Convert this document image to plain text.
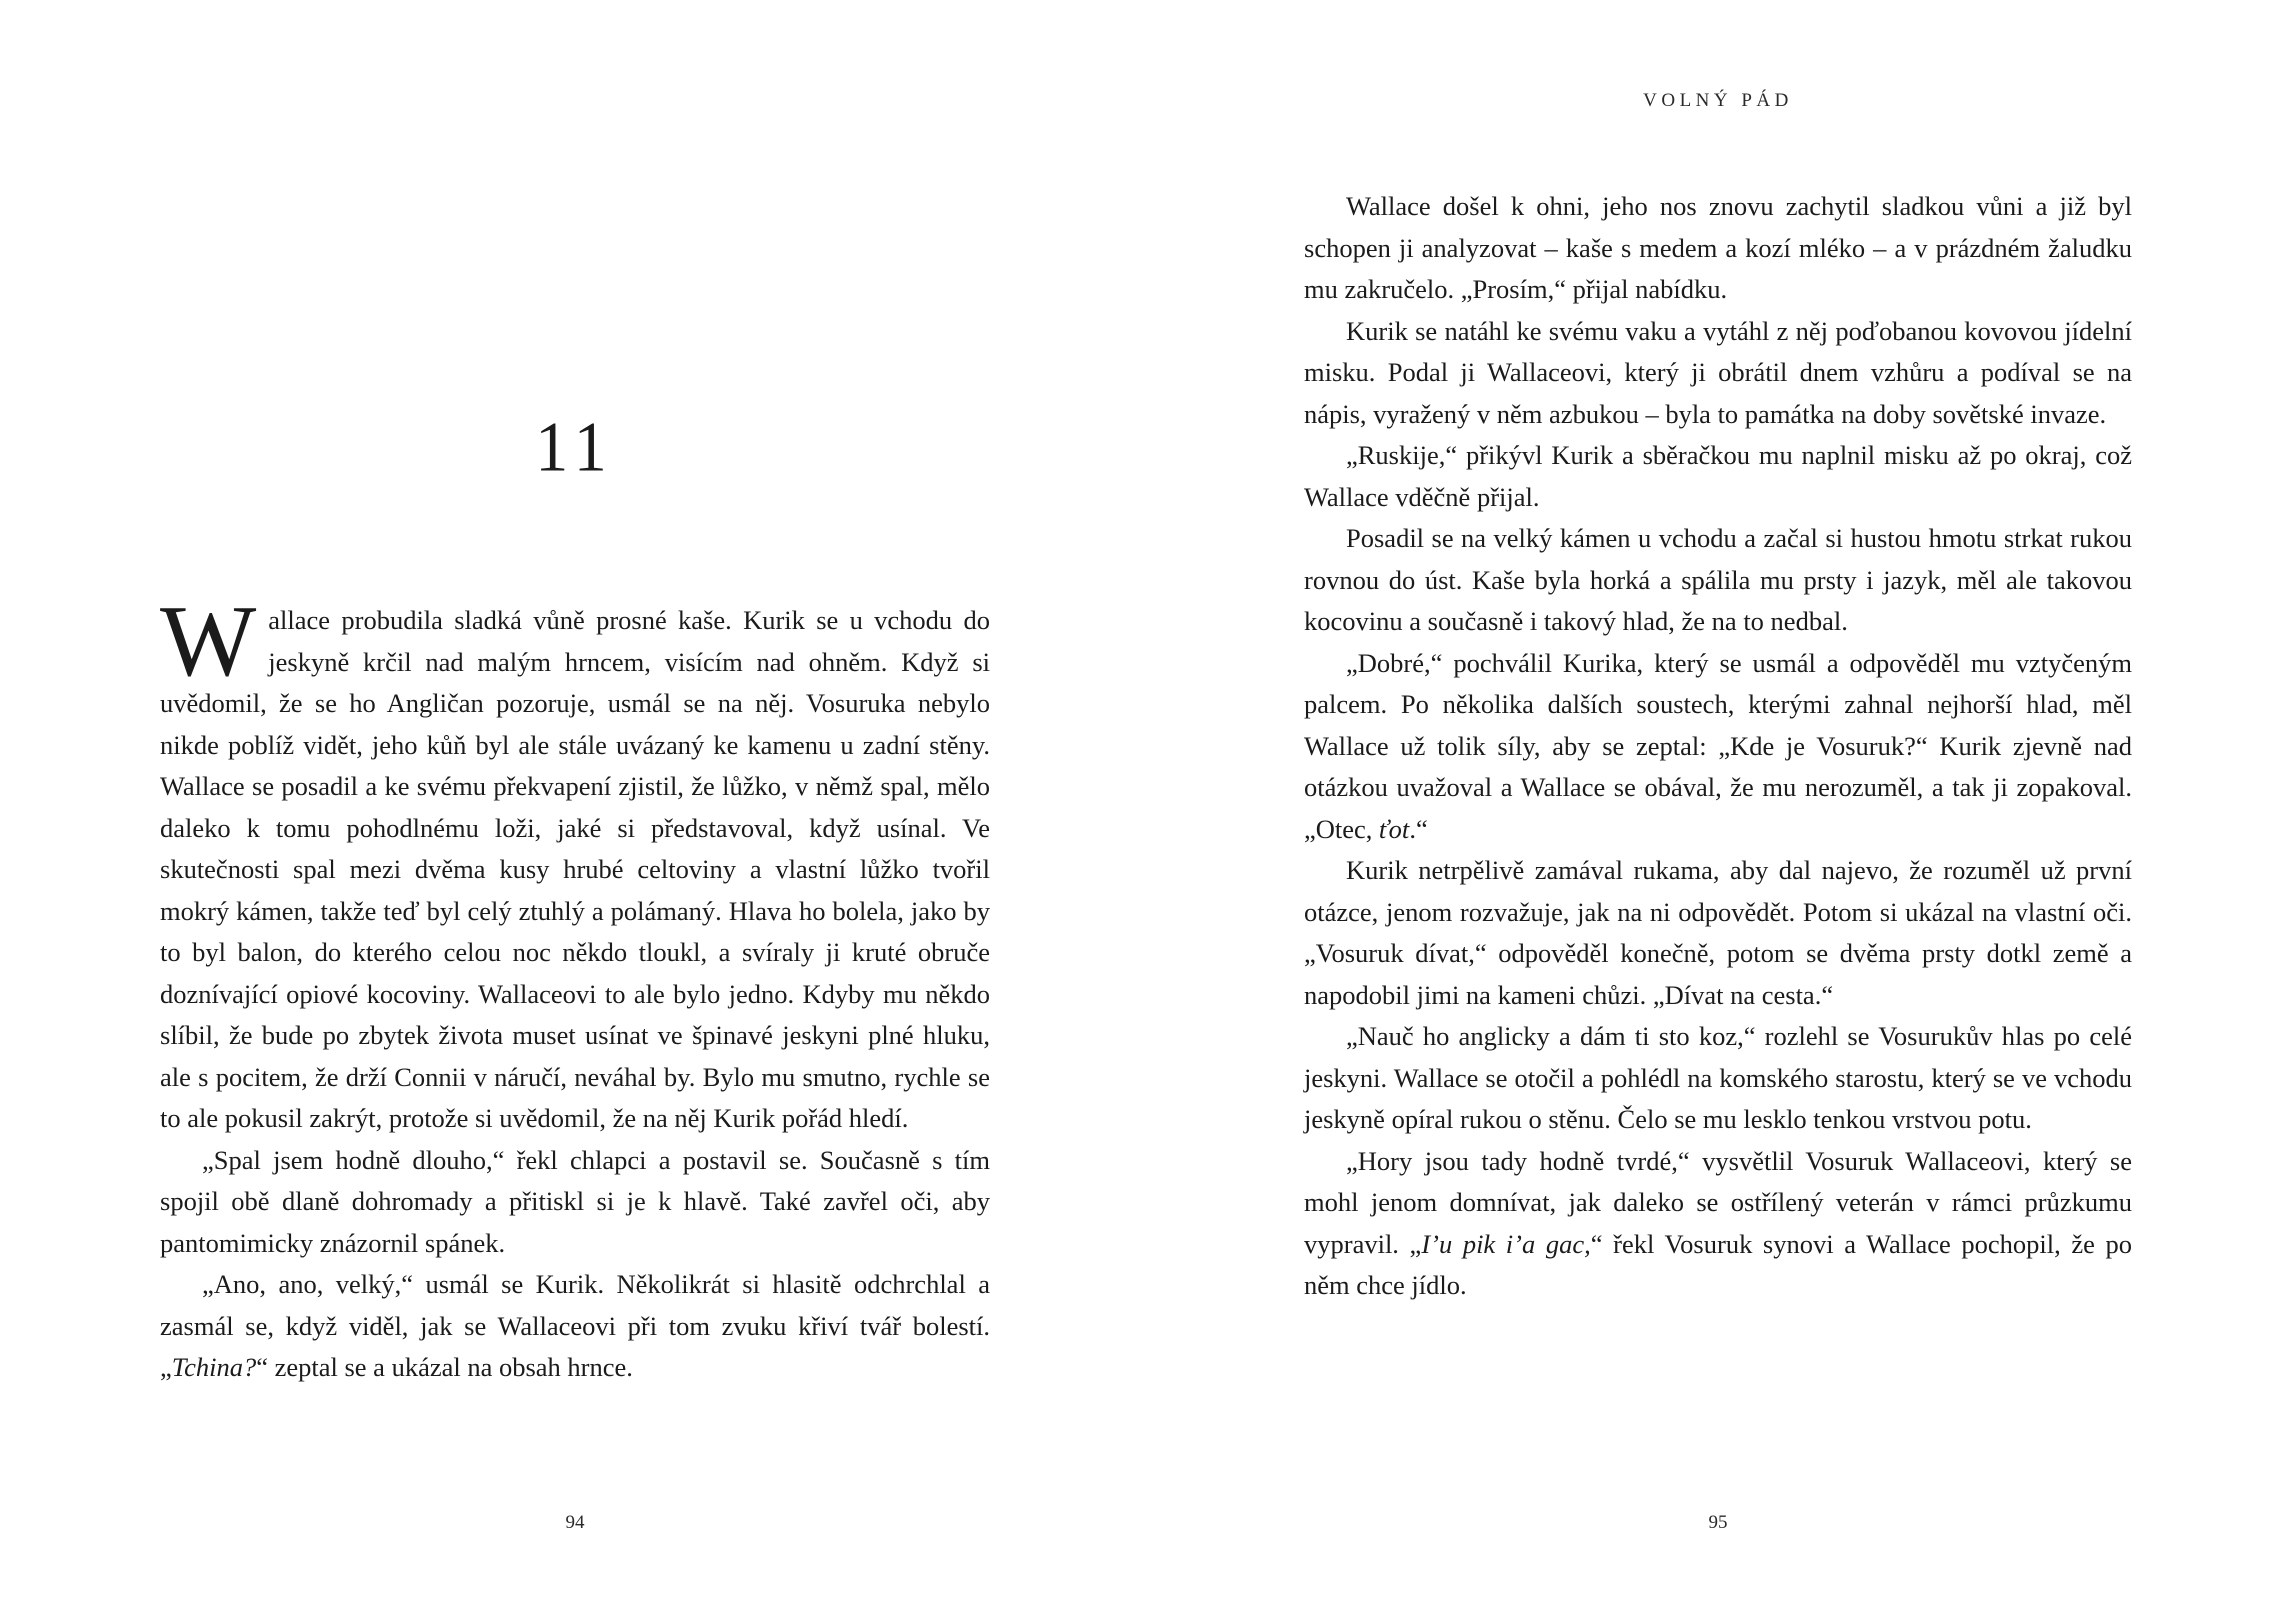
11

Wallace probudila sladká vůně prosné kaše. Kurik se u vchodu do jeskyně krčil nad malým hrncem, visícím nad ohněm. Když si uvědomil, že se ho Angličan pozoruje, usmál se na něj. Vosuruka nebylo nikde poblíž vidět, jeho kůň byl ale stále uvázaný ke kamenu u zadní stěny. Wallace se posadil a ke svému překvapení zjistil, že lůžko, v němž spal, mělo daleko k tomu pohodlnému loži, jaké si představoval, když usínal. Ve skutečnosti spal mezi dvěma kusy hrubé celtoviny a vlastní lůžko tvořil mokrý kámen, takže teď byl celý ztuhlý a polámaný. Hlava ho bolela, jako by to byl balon, do kterého celou noc někdo tloukl, a svíraly ji kruté obruče doznívající opiové kocoviny. Wallaceovi to ale bylo jedno. Kdyby mu někdo slíbil, že bude po zbytek života muset usínat ve špinavé jeskyni plné hluku, ale s pocitem, že drží Connii v náručí, neváhal by. Bylo mu smutno, rychle se to ale pokusil zakrýt, protože si uvědomil, že na něj Kurik pořád hledí.

„Spal jsem hodně dlouho,“ řekl chlapci a postavil se. Současně s tím spojil obě dlaně dohromady a přitiskl si je k hlavě. Také zavřel oči, aby pantomimicky znázornil spánek.

„Ano, ano, velký,“ usmál se Kurik. Několikrát si hlasitě odchrchlal a zasmál se, když viděl, jak se Wallaceovi při tom zvuku křiví tvář bolestí. „Tchina?“ zeptal se a ukázal na obsah hrnce.

94
VOLNÝ PÁD

Wallace došel k ohni, jeho nos znovu zachytil sladkou vůni a již byl schopen ji analyzovat – kaše s medem a kozí mléko – a v prázdném žaludku mu zakručelo. „Prosím,“ přijal nabídku.

Kurik se natáhl ke svému vaku a vytáhl z něj poďobanou kovovou jídelní misku. Podal ji Wallaceovi, který ji obrátil dnem vzhůru a podíval se na nápis, vyražený v něm azbukou – byla to památka na doby sovětské invaze.

„Ruskije,“ přikývl Kurik a sběračkou mu naplnil misku až po okraj, což Wallace vděčně přijal.

Posadil se na velký kámen u vchodu a začal si hustou hmotu strkat rukou rovnou do úst. Kaše byla horká a spálila mu prsty i jazyk, měl ale takovou kocovinu a současně i takový hlad, že na to nedbal.

„Dobré,“ pochválil Kurika, který se usmál a odpověděl mu vztyčeným palcem. Po několika dalších soustech, kterými zahnal nejhorší hlad, měl Wallace už tolik síly, aby se zeptal: „Kde je Vosuruk?“ Kurik zjevně nad otázkou uvažoval a Wallace se obával, že mu nerozuměl, a tak ji zopakoval. „Otec, ťot.“

Kurik netrpělivě zamával rukama, aby dal najevo, že rozuměl už první otázce, jenom rozvažuje, jak na ni odpovědět. Potom si ukázal na vlastní oči. „Vosuruk dívat,“ odpověděl konečně, potom se dvěma prsty dotkl země a napodobil jimi na kameni chůzi. „Dívat na cesta.“

„Nauč ho anglicky a dám ti sto koz,“ rozlehl se Vosurukův hlas po celé jeskyni. Wallace se otočil a pohlédl na komského starostu, který se ve vchodu jeskyně opíral rukou o stěnu. Čelo se mu lesklo tenkou vrstvou potu.

„Hory jsou tady hodně tvrdé,“ vysvětlil Vosuruk Wallaceovi, který se mohl jenom domnívat, jak daleko se ostřílený veterán v rámci průzkumu vypravil. „I’u pik i’a gac,“ řekl Vosuruk synovi a Wallace pochopil, že po něm chce jídlo.

95
